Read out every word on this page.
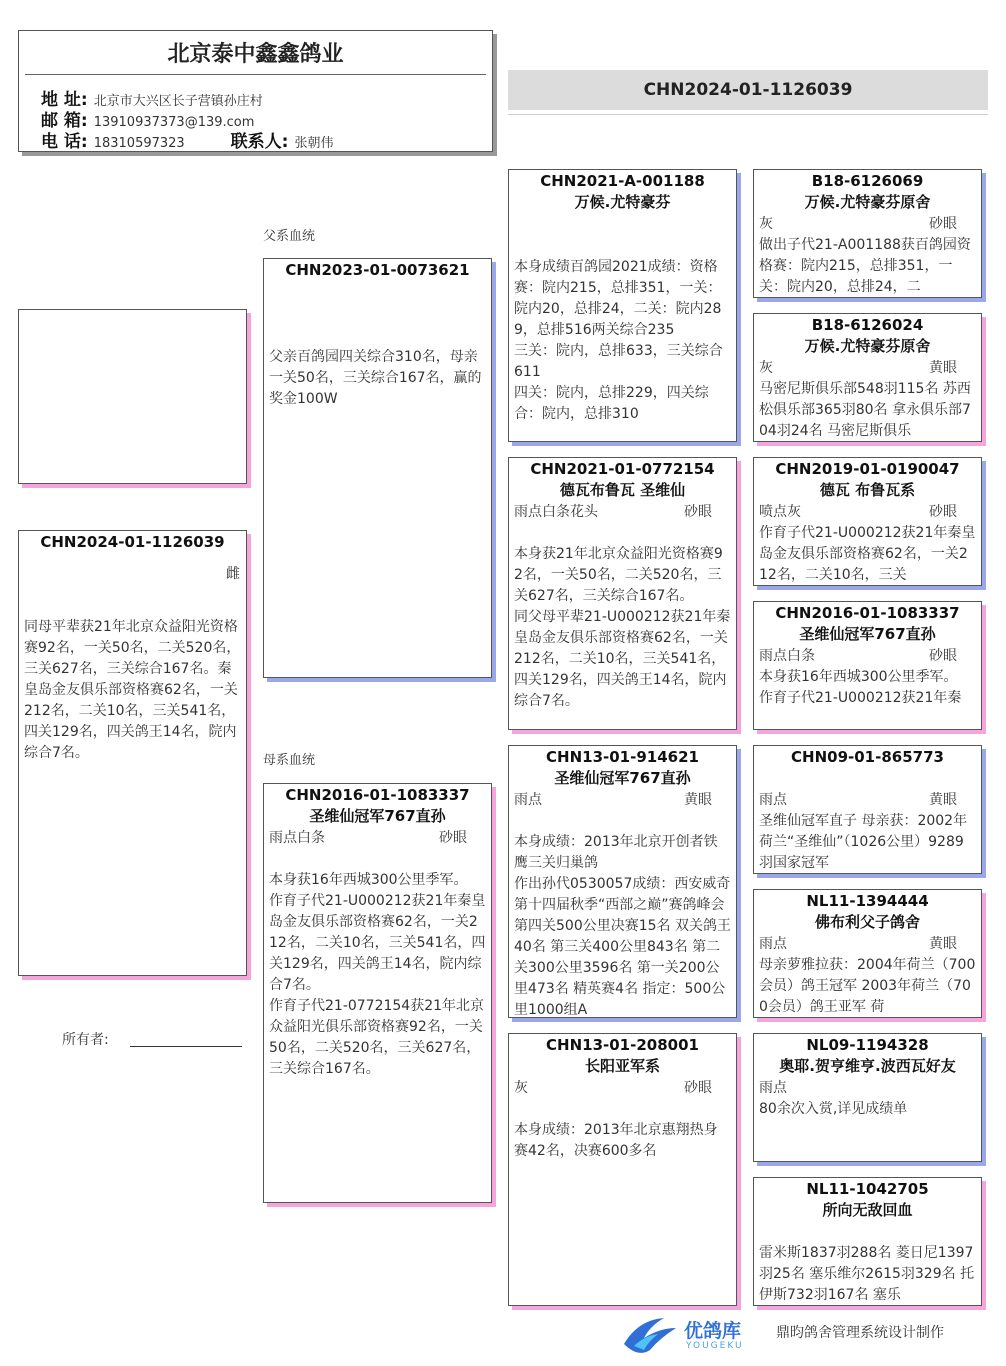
北京泰中鑫鑫鸽业
地 址: 北京市大兴区长子营镇孙庄村
邮 箱: 13910937373@139.com
电 话: 18310597323	联系人: 张朝伟
CHN2024-01-1126039
父系血统
母系血统
CHN2024-01-1126039
雌
同母平辈获21年北京众益阳光资格赛92名，一关50名，二关520名，三关627名，三关综合167名。秦皇岛金友俱乐部资格赛62名，一关212名，二关10名，三关541名，四关129名，四关鸽王14名，院内综合7名。
CHN2023-01-0073621
父亲百鸽园四关综合310名，母亲一关50名，三关综合167名，赢的奖金100W
CHN2016-01-1083337
圣维仙冠军767直孙
雨点白条	砂眼
本身获16年西城300公里季军。
作育子代21-U000212获21年秦皇岛金友俱乐部资格赛62名，一关212名，二关10名，三关541名，四关129名，四关鸽王14名，院内综合7名。
作育子代21-0772154获21年北京众益阳光俱乐部资格赛92名，一关50名，二关520名，三关627名，三关综合167名。
CHN2021-A-001188
万候.尤特豪芬
本身成绩百鸽园2021成绩：资格赛：院内215，总排351，一关：院内20，总排24，二关：院内289，总排516两关综合235
三关：院内，总排633，三关综合611
四关：院内，总排229，四关综合：院内，总排310
CHN2021-01-0772154
德瓦布鲁瓦 圣维仙
雨点白条花头	砂眼
本身获21年北京众益阳光资格赛92名，一关50名，二关520名，三关627名，三关综合167名。
同父母平辈21-U000212获21年秦皇岛金友俱乐部资格赛62名，一关212名，二关10名，三关541名，四关129名，四关鸽王14名，院内综合7名。
CHN13-01-914621
圣维仙冠军767直孙
雨点	黄眼
本身成绩：2013年北京开创者铁鹰三关归巢鸽
作出孙代0530057成绩：西安威奇第十四届秋季“西部之巅”赛鸽峰会第四关500公里决赛15名 双关鸽王40名 第三关400公里843名 第二关300公里3596名 第一关200公里473名 精英赛4名 指定：500公里1000组A
CHN13-01-208001
长阳亚军系
灰	砂眼
本身成绩：2013年北京惠翔热身赛42名，决赛600多名
B18-6126069
万候.尤特豪芬原舍
灰	砂眼
做出子代21-A001188获百鸽园资格赛：院内215，总排351，一关：院内20，总排24，二
B18-6126024
万候.尤特豪芬原舍
灰	黄眼
马密尼斯俱乐部548羽115名 苏西松俱乐部365羽80名 拿永俱乐部704羽24名 马密尼斯俱乐
CHN2019-01-0190047
德瓦 布鲁瓦系
喷点灰	砂眼
作育子代21-U000212获21年秦皇岛金友俱乐部资格赛62名，一关212名，二关10名，三关
CHN2016-01-1083337
圣维仙冠军767直孙
雨点白条	砂眼
本身获16年西城300公里季军。
作育子代21-U000212获21年秦
CHN09-01-865773
雨点	黄眼
圣维仙冠军直子 母亲获：2002年荷兰“圣维仙”（1026公里）9289羽国家冠军
NL11-1394444
佛布利父子鸽舍
雨点	黄眼
母亲萝雅拉获：2004年荷兰（700会员）鸽王冠军 2003年荷兰（700会员）鸽王亚军 荷
NL09-1194328
奥耶.贺亨维亨.波西瓦好友
雨点
80余次入赏,详见成绩单
NL11-1042705
所向无敌回血
雷米斯1837羽288名 菱日尼1397羽25名 塞乐维尔2615羽329名 托伊斯732羽167名 塞乐
所有者:
优鸽库
YOUGEKU
鼎昀鸽舍管理系统设计制作
